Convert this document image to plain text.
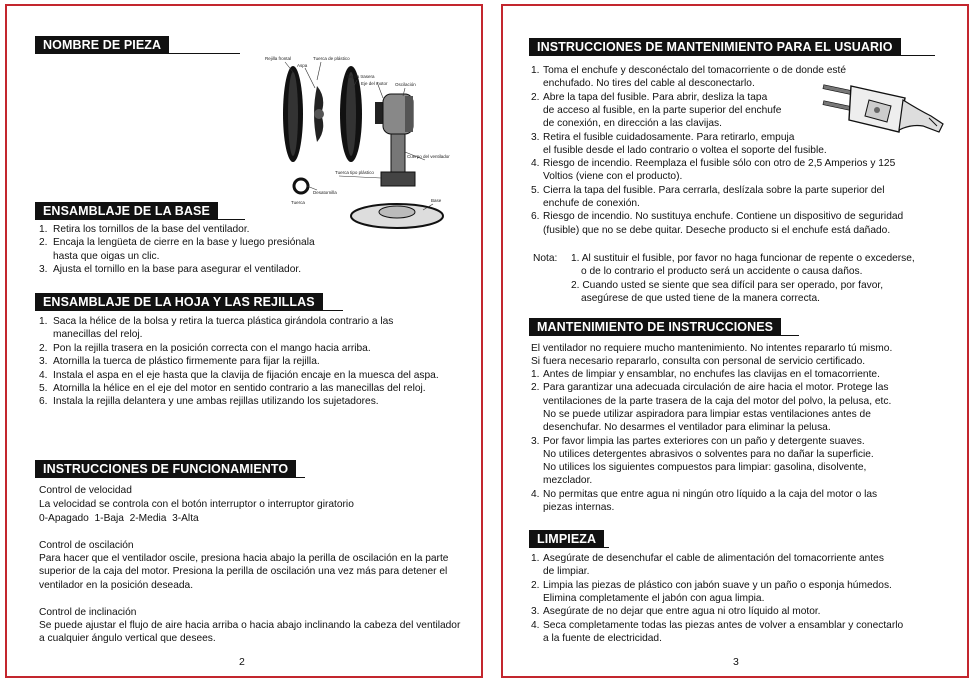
NOMBRE DE PIEZA
Rejilla frontal	Tuerca de plástico
Aspa
Rejilla trasera
Eje del motor Oscilación
Cuerpo del ventilador
Tuerca tipo plástico
Desatornilla
Tuerca	Base
ENSAMBLAJE DE LA BASE
1. Retira los tornillos de la base del ventilador.
2. Encaja la lengüeta de cierre en la base y luego presiónala hasta que oigas un clic.
3. Ajusta el tornillo en la base para asegurar el ventilador.
ENSAMBLAJE DE LA HOJA Y LAS REJILLAS
1. Saca la hélice de la bolsa y retira la tuerca plástica girándola contrario a las manecillas del reloj.
2. Pon la rejilla trasera en la posición correcta con el mango hacia arriba.
3. Atornilla la tuerca de plástico firmemente para fijar la rejilla.
4. Instala el aspa en el eje hasta que la clavija de fijación encaje en la muesca del aspa.
5. Atornilla la hélice en el eje del motor en sentido contrario a las manecillas del reloj.
6. Instala la rejilla delantera y une ambas rejillas utilizando los sujetadores.
INSTRUCCIONES DE FUNCIONAMIENTO
Control de velocidad
La velocidad se controla con el botón interruptor o interruptor giratorio
0-Apagado  1-Baja  2-Media  3-Alta
Control de oscilación
Para hacer que el ventilador oscile, presiona hacia abajo la perilla de oscilación en la parte superior de la caja del motor. Presiona la perilla de oscilación una vez más para detener el ventilador en la posición deseada.
Control de inclinación
Se puede ajustar el flujo de aire hacia arriba o hacia abajo inclinando la cabeza del ventilador a cualquier ángulo vertical que desees.
2
INSTRUCCIONES DE MANTENIMIENTO PARA EL USUARIO
1. Toma el enchufe y desconéctalo del tomacorriente o de donde esté
enchufado. No tires del cable al desconectarlo.
2. Abre la tapa del fusible. Para abrir, desliza la tapa
de acceso al fusible, en la parte superior del enchufe
de conexión, en dirección a las clavijas.
3. Retira el fusible cuidadosamente. Para retirarlo, empuja
el fusible desde el lado contrario o voltea el soporte del fusible.
4. Riesgo de incendio. Reemplaza el fusible sólo con otro de 2,5 Amperios y 125
Voltios (viene con el producto).
5. Cierra la tapa del fusible. Para cerrarla, deslízala sobre la parte superior del
enchufe de conexión.
6. Riesgo de incendio. No sustituya enchufe. Contiene un dispositivo de seguridad
(fusible) que no se debe quitar. Deseche producto si el enchufe está dañado.
Nota: 1. Al sustituir el fusible, por favor no haga funcionar de repente o excederse,
o de lo contrario el producto será un accidente o causa daños.
2. Cuando usted se siente que sea difícil para ser operado, por favor,
asegúrese de que usted tiene de la manera correcta.
MANTENIMIENTO DE INSTRUCCIONES
El ventilador no requiere mucho mantenimiento. No intentes repararlo tú mismo.
Si fuera necesario repararlo, consulta con personal de servicio certificado.
1. Antes de limpiar y ensamblar, no enchufes las clavijas en el tomacorriente.
2. Para garantizar una adecuada circulación de aire hacia el motor. Protege las
ventilaciones de la parte trasera de la caja del motor del polvo, la pelusa, etc.
No se puede utilizar aspiradora para limpiar estas ventilaciones antes de
desenchufar. No desarmes el ventilador para eliminar la pelusa.
3. Por favor limpia las partes exteriores con un paño y detergente suaves.
No utilices detergentes abrasivos o solventes para no dañar la superficie.
No utilices los siguientes compuestos para limpiar: gasolina, disolvente,
mezclador.
4. No permitas que entre agua ni ningún otro líquido a la caja del motor o las
piezas internas.
LIMPIEZA
1. Asegúrate de desenchufar el cable de alimentación del tomacorriente antes
de limpiar.
2. Limpia las piezas de plástico con jabón suave y un paño o esponja húmedos.
Elimina completamente el jabón con agua limpia.
3. Asegúrate de no dejar que entre agua ni otro líquido al motor.
4. Seca completamente todas las piezas antes de volver a ensamblar y conectarlo
a la fuente de electricidad.
3
